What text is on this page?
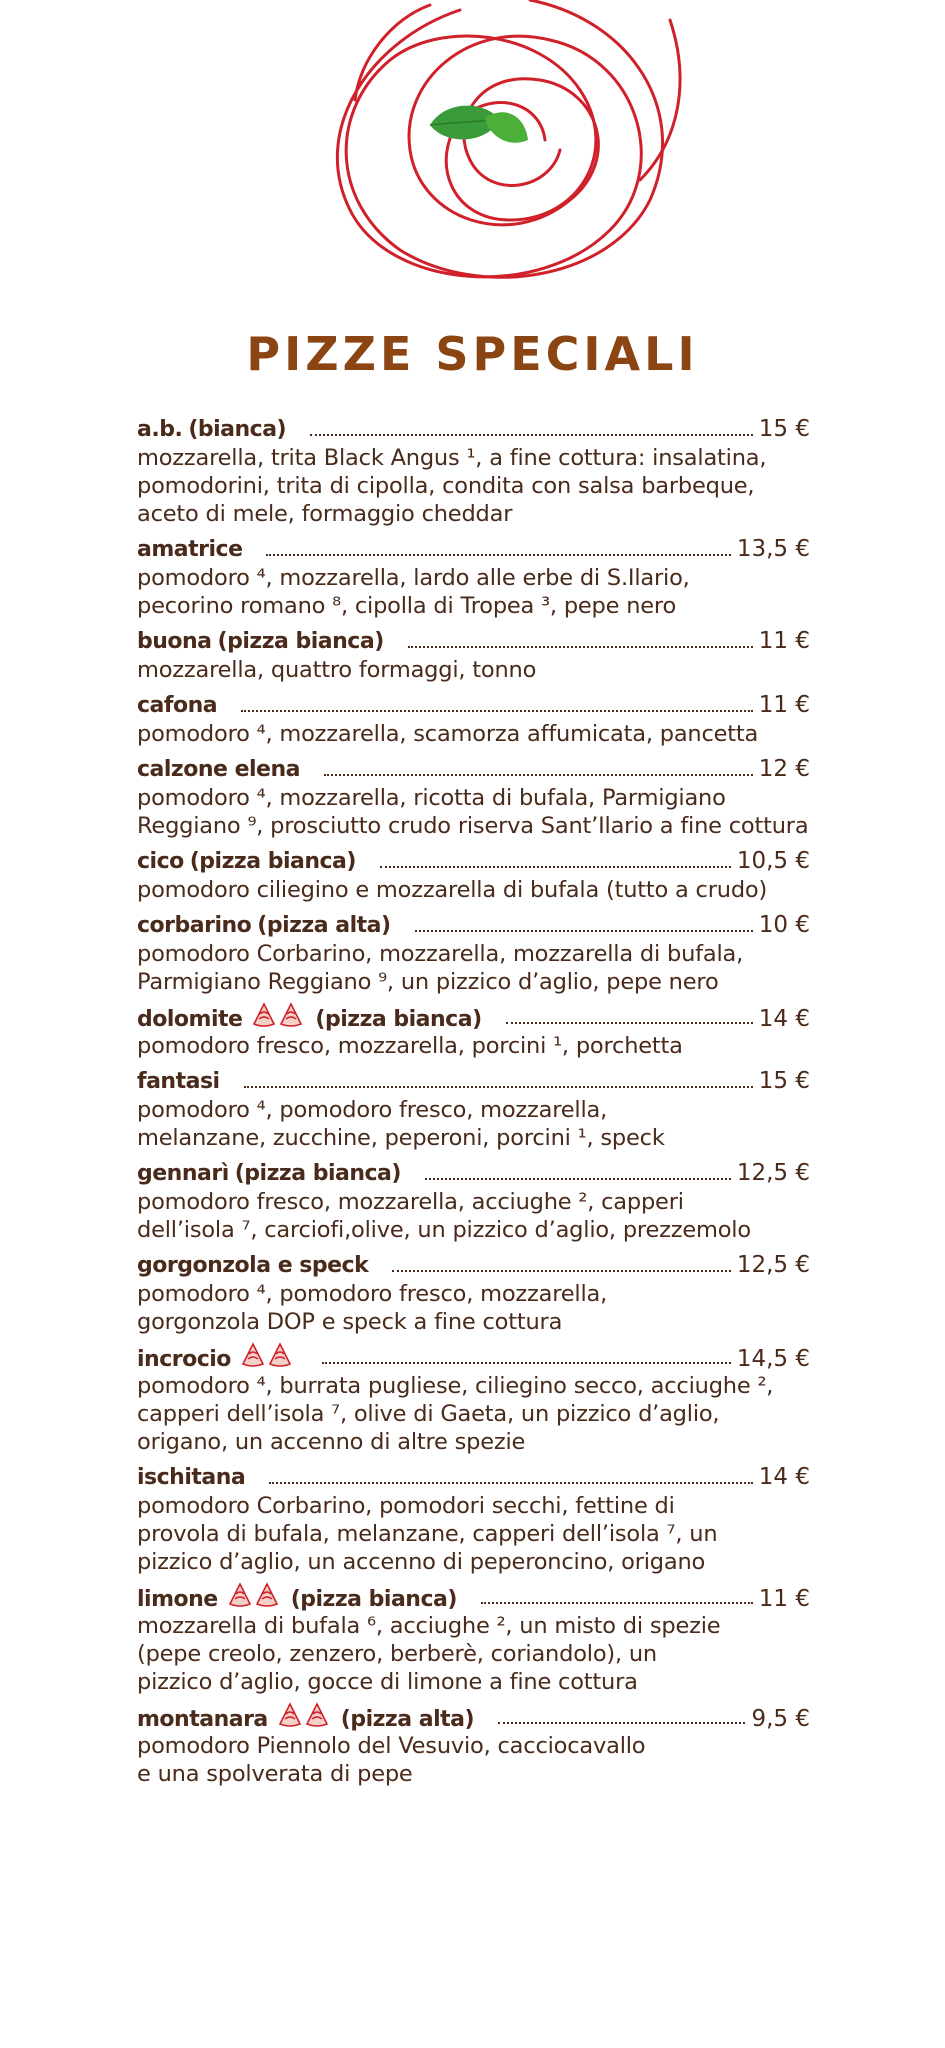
PIZZE SPECIALI
a.b. (bianca)	15 €
mozzarella, trita Black Angus ¹, a fine cottura: insalatina,
pomodorini, trita di cipolla, condita con salsa barbeque,
aceto di mele, formaggio cheddar
amatrice	13,5 €
pomodoro ⁴, mozzarella, lardo alle erbe di S.Ilario,
pecorino romano ⁸, cipolla di Tropea ³, pepe nero
buona (pizza bianca)	11 €
mozzarella, quattro formaggi, tonno
cafona	11 €
pomodoro ⁴, mozzarella, scamorza affumicata, pancetta
calzone elena	12 €
pomodoro ⁴, mozzarella, ricotta di bufala, Parmigiano
Reggiano ⁹, prosciutto crudo riserva Sant’Ilario a fine cottura
cico (pizza bianca)	10,5 €
pomodoro ciliegino e mozzarella di bufala (tutto a crudo)
corbarino (pizza alta)	10 €
pomodoro Corbarino, mozzarella, mozzarella di bufala,
Parmigiano Reggiano ⁹, un pizzico d’aglio, pepe nero
dolomite	(pizza bianca)	14 €
pomodoro fresco, mozzarella, porcini ¹, porchetta
fantasi	15 €
pomodoro ⁴, pomodoro fresco, mozzarella,
melanzane, zucchine, peperoni, porcini ¹, speck
gennarì (pizza bianca)	12,5 €
pomodoro fresco, mozzarella, acciughe ², capperi
dell’isola ⁷, carciofi,olive, un pizzico d’aglio, prezzemolo
gorgonzola e speck	12,5 €
pomodoro ⁴, pomodoro fresco, mozzarella,
gorgonzola DOP e speck a fine cottura
incrocio	14,5 €
pomodoro ⁴, burrata pugliese, ciliegino secco, acciughe ²,
capperi dell’isola ⁷, olive di Gaeta, un pizzico d’aglio,
origano, un accenno di altre spezie
ischitana	14 €
pomodoro Corbarino, pomodori secchi, fettine di
provola di bufala, melanzane, capperi dell’isola ⁷, un
pizzico d’aglio, un accenno di peperoncino, origano
limone	(pizza bianca)	11 €
mozzarella di bufala ⁶, acciughe ², un misto di spezie
(pepe creolo, zenzero, berberè, coriandolo), un
pizzico d’aglio, gocce di limone a fine cottura
montanara	(pizza alta)	9,5 €
pomodoro Piennolo del Vesuvio, cacciocavallo
e una spolverata di pepe
